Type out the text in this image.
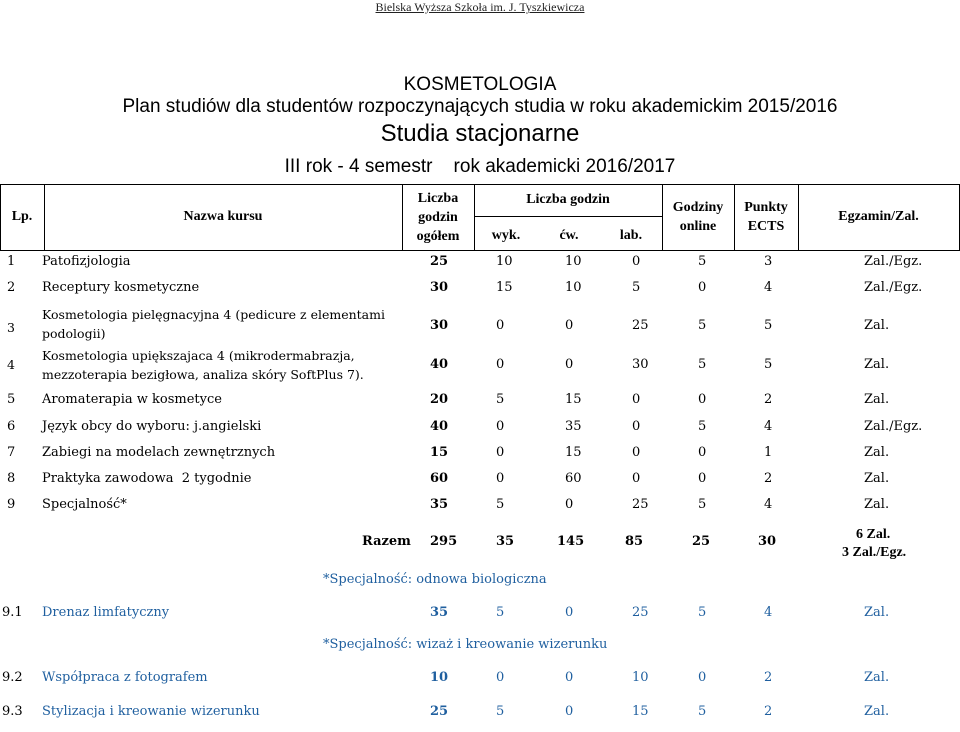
Bielska Wyższa Szkoła im. J. Tyszkiewicza
KOSMETOLOGIA
Plan studiów dla studentów rozpoczynających studia w roku akademickim 2015/2016
Studia stacjonarne
III rok - 4 semestr    rok akademicki 2016/2017
Lp.	Nazwa kursu
Liczba
godzin
ogółem
Liczba godzin
wyk.	ćw.	lab.
Godziny
online
Punkty
ECTS
Egzamin/Zal.
1 Patofizjologia	25	10	10	0	5	3	Zal./Egz.
2 Receptury kosmetyczne	30	15	10	5	0	4	Zal./Egz.
3
Kosmetologia pielęgnacyjna 4 (pedicure z elementami
podologii)
30	0	0	25	5	5	Zal.
4
Kosmetologia upiększajaca 4 (mikrodermabrazja,
mezzoterapia bezigłowa, analiza skóry SoftPlus 7).
40	0	0	30	5	5	Zal.
5 Aromaterapia w kosmetyce	20	5	15	0	0	2	Zal.
6 Język obcy do wyboru: j.angielski	40	0	35	0	5	4	Zal./Egz.
7 Zabiegi na modelach zewnętrznych	15	0	15	0	0	1	Zal.
8 Praktyka zawodowa  2 tygodnie	60	0	60	0	0	2	Zal.
9 Specjalność*	35	5	0	25	5	4	Zal.
Razem 295	35	145	85	25	30	6 Zal.
3 Zal./Egz.
*Specjalność: odnowa biologiczna
9.1 Drenaz limfatyczny	35	5	0	25	5	4	Zal.
*Specjalność: wizaż i kreowanie wizerunku
9.2 Współpraca z fotografem	10	0	0	10	0	2	Zal.
9.3 Stylizacja i kreowanie wizerunku	25	5	0	15	5	2	Zal.
